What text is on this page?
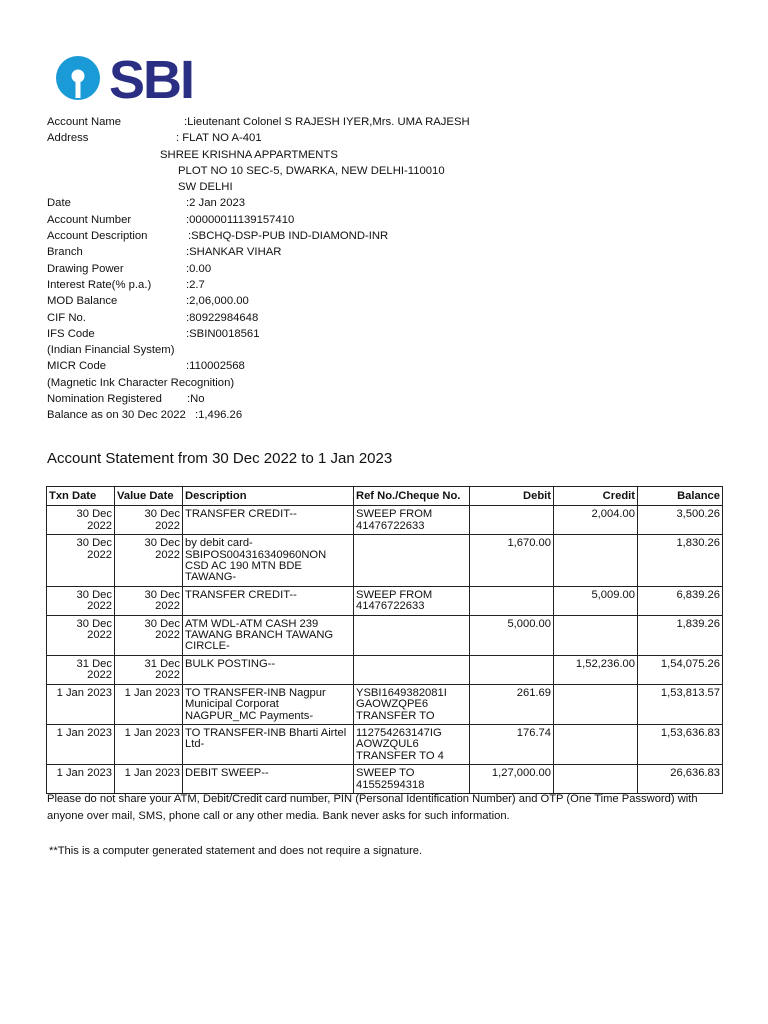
SBI
Account Name	:Lieutenant Colonel S RAJESH IYER,Mrs. UMA RAJESH
Address	: FLAT NO A-401
SHREE KRISHNA APPARTMENTS
PLOT NO 10 SEC-5, DWARKA, NEW DELHI-110010
SW DELHI
Date	:2 Jan 2023
Account Number	:00000011139157410
Account Description	:SBCHQ-DSP-PUB IND-DIAMOND-INR
Branch	:SHANKAR VIHAR
Drawing Power	:0.00
Interest Rate(% p.a.)	:2.7
MOD Balance	:2,06,000.00
CIF No.	:80922984648
IFS Code	:SBIN0018561
(Indian Financial System)
MICR Code	:110002568
(Magnetic Ink Character Recognition)
Nomination Registered :No
Balance as on 30 Dec 2022 :1,496.26
Account Statement from 30 Dec 2022 to 1 Jan 2023
Txn Date	Value Date	Description	Ref No./Cheque No.	Debit	Credit	Balance
30 Dec 2022	30 Dec 2022	TRANSFER CREDIT--	SWEEP FROM 41476722633		2,004.00	3,500.26
30 Dec 2022	30 Dec 2022	by debit card-SBIPOS004316340960NON CSD AC 190 MTN BDE TAWANG-		1,670.00		1,830.26
30 Dec 2022	30 Dec 2022	TRANSFER CREDIT--	SWEEP FROM 41476722633		5,009.00	6,839.26
30 Dec 2022	30 Dec 2022	ATM WDL-ATM CASH 239 TAWANG BRANCH TAWANG CIRCLE-		5,000.00		1,839.26
31 Dec 2022	31 Dec 2022	BULK POSTING--			1,52,236.00	1,54,075.26
1 Jan 2023	1 Jan 2023	TO TRANSFER-INB Nagpur Municipal Corporat NAGPUR_MC Payments-	YSBI1649382081I GAOWZQPE6 TRANSFER TO	261.69		1,53,813.57
1 Jan 2023	1 Jan 2023	TO TRANSFER-INB Bharti Airtel Ltd-	112754263147IG AOWZQUL6 TRANSFER TO 4	176.74		1,53,636.83
1 Jan 2023	1 Jan 2023	DEBIT SWEEP--	SWEEP TO 41552594318	1,27,000.00		26,636.83
Please do not share your ATM, Debit/Credit card number, PIN (Personal Identification Number) and OTP (One Time Password) with anyone over mail, SMS, phone call or any other media. Bank never asks for such information.
**This is a computer generated statement and does not require a signature.
